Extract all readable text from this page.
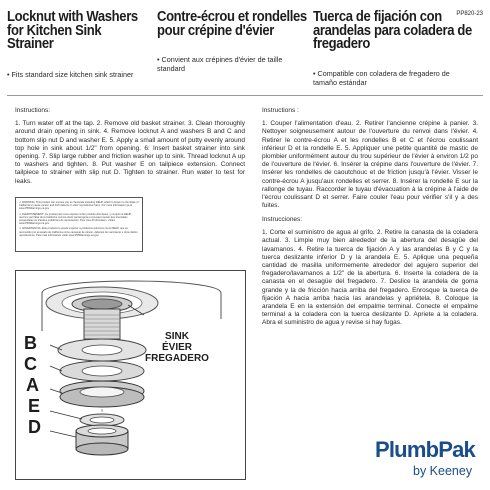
PP820-23
Locknut with Washers for Kitchen Sink Strainer
Contre-écrou et rondelles pour crépine d'évier
Tuerca de fijación con arandelas para coladera de fregadero
• Fits standard size kitchen sink strainer
• Convient aux crépines d'évier de taille standard
• Compatible con coladera de fregadero de tamaño estándar
Instructions:
1. Turn water off at the tap. 2. Remove old basket strainer. 3. Clean thoroughly around drain opening in sink. 4. Remove locknut A and washers B and C and bottom slip nut D and washer E. 5. Apply a small amount of putty evenly around top hole in sink about 1/2" from opening. 6: Insert basket strainer into sink opening. 7. Slip large rubber and friction washer up to sink. Thread locknut A up to washers and tighten. 8. Put washer E on tailpiece extension. Connect tailpiece to strainer with slip nut D. Tighten to strainer. Run water to test for leaks.
Instructions :
1. Couper l'alimentation d'eau. 2. Retirer l'ancienne crépine à panier. 3. Nettoyer soigneusement autour de l'ouverture du renvoi dans l'évier. 4. Retirer le contre-écrou A et les rondelles B et C et l'écrou coulissant inférieur D et la rondelle E. 5. Appliquer une petite quantité de mastic de plombier uniformément autour du trou supérieur de l'évier à environ 1/2 po de l'ouverture de l'évier. 6. Insérer la crépine dans l'ouverture de l'évier. 7. Insérer les rondelles de caoutchouc et de friction jusqu'à l'évier. Visser le contre-écrou A jusqu'aux rondelles et serrer. 8. Insérer la rondelle E sur la rallonge de tuyau. Raccorder le tuyau d'évacuation à la crépine à l'aide de l'écrou coulissant D et serrer. Faire couler l'eau pour vérifier s'il y a des fuites.
Instrucciones:
1. Corte el suministro de agua al grifo. 2. Retire la canasta de la coladera actual. 3. Limpie muy bien alrededor de la abertura del desagüe del lavamanos. 4. Retire la tuerca de fijación A y las arandelas B y C y la tuerca deslizante inferior D y la arandela E. 5. Aplique una pequeña cantidad de masilla uniformemente alrededor del agujero superior del fregadero/lavamanos a 1/2" de la abertura. 6. Inserte la coladera de la canasta en el desagüe del fregadero. 7. Deslice la arandela de goma grande y la de fricción hacia arriba del fregadero. Enrosque la tuerca de fijación A hacia arriba hacia las arandelas y apriétela. 8. Coloque la arandela E en la extensión del empalme terminal. Conecte el empalme terminal a la coladera con la tuerca deslizante D. Apriete a la coladera. Abra el suministro de agua y revise si hay fugas.

⚠ WARNING: This product can expose you to chemicals including DEHP, which is known to the State of California to cause cancer and birth defects or other reproductive harm. For more information go to www.P65Warnings.ca.gov.

⚠ AVERTISSEMENT: Ce produit peut vous exposer à des produits chimiques, y compris le DEHP, reconnu par l'État de la Californie comme étant cancérogène et pouvant causer des anomalies congénitales ou d'autres problèmes de reproduction. Pour plus d'information, visitez www.P65Warnings.ca.gov.

⚠ ADVERTENCIA: Este producto lo puede exponer a productos químicos como DEHP, que es reconocido por el estado de California como causante de cáncer, defectos de nacimiento u otros daños reproductivos. Para más información visite www.P65Warnings.ca.gov.

B
C
A
E
D
SINK
ÉVIER
FREGADERO
PlumbPak
by Keeney
